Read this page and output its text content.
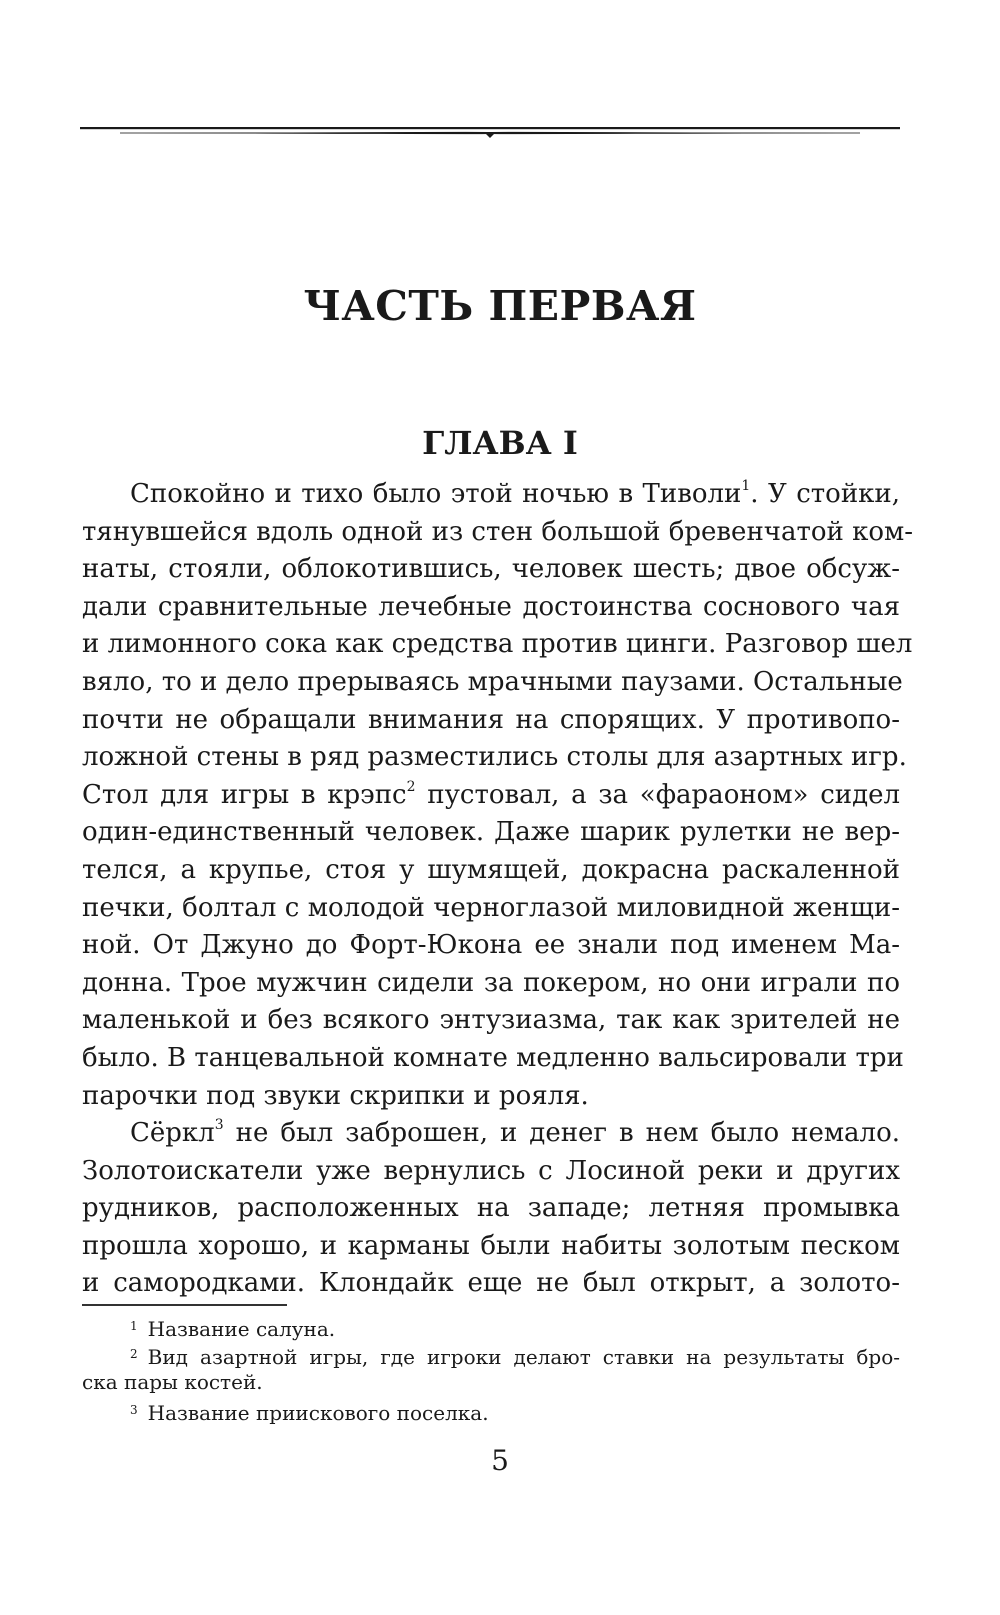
ЧАСТЬ ПЕРВАЯ
ГЛАВА I
Спокойно и тихо было этой ночью в Тиволи$^1$. У стойки,
тянувшейся вдоль одной из стен большой бревенчатой ком-
наты, стояли, облокотившись, человек шесть; двое обсуж-
дали сравнительные лечебные достоинства соснового чая
и лимонного сока как средства против цинги. Разговор шел
вяло, то и дело прерываясь мрачными паузами. Остальные
почти не обращали внимания на спорящих. У противопо-
ложной стены в ряд разместились столы для азартных игр.
Стол для игры в крэпс$^2$ пустовал, а за «фараоном» сидел
один-единственный человек. Даже шарик рулетки не вер-
телся, а крупье, стоя у шумящей, докрасна раскаленной
печки, болтал с молодой черноглазой миловидной женщи-
ной. От Джуно до Форт-Юкона ее знали под именем Ма-
донна. Трое мужчин сидели за покером, но они играли по
маленькой и без всякого энтузиазма, так как зрителей не
было. В танцевальной комнате медленно вальсировали три
парочки под звуки скрипки и рояля.
Сёркл$^3$ не был заброшен, и денег в нем было немало.
Золотоискатели уже вернулись с Лосиной реки и других
рудников, расположенных на западе; летняя промывка
прошла хорошо, и карманы были набиты золотым песком
и самородками. Клондайк еще не был открыт, а золото-
$^1$ Название салуна.
$^2$ Вид азартной игры, где игроки делают ставки на результаты бро-
ска пары костей.
$^3$ Название приискового поселка.
5
